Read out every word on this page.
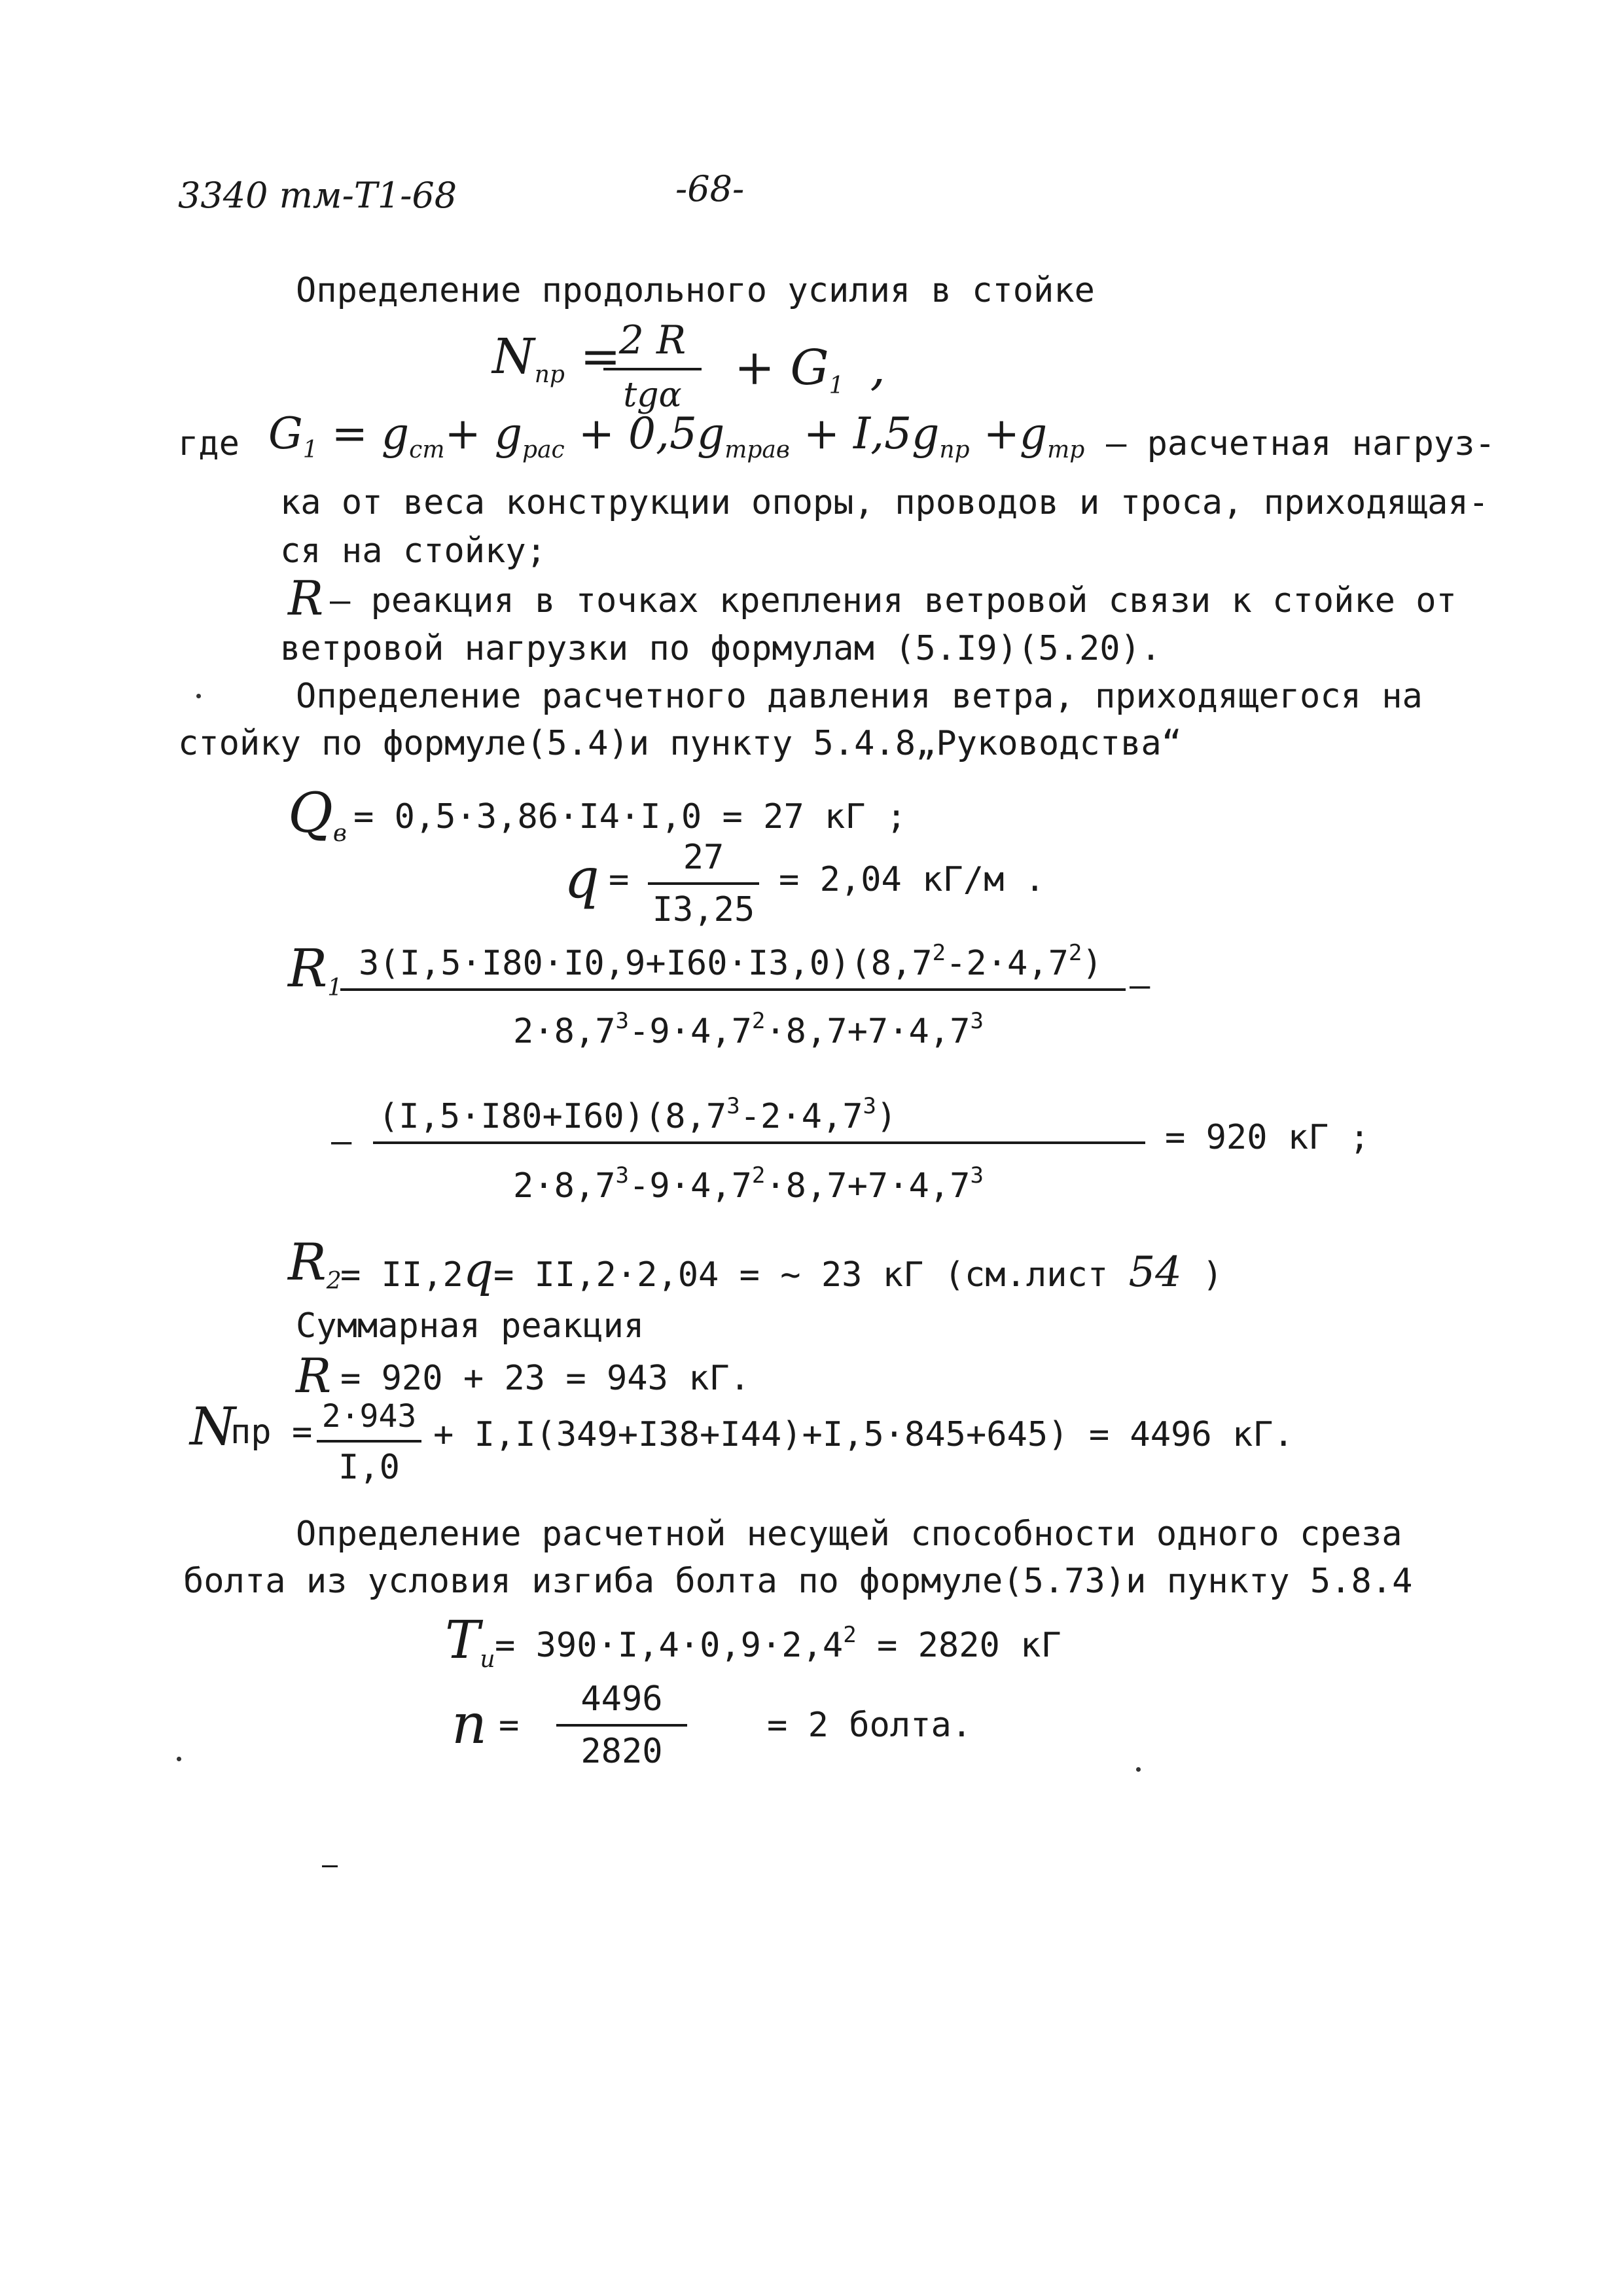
3340 тм-Т1-68	-68-
Определение продольного усилия в стойке
Nпр =
2 R
tgα	+ G1 ,
где $G_1 = g_{ст}+ g_{рас} + 0,5g_{трав} + I,5g_{пр} +g_{тр}$ – расчетная нагруз-
ка от веса конструкции опоры, проводов и троса, приходящая-
ся на стойку;
R – реакция в точках крепления ветровой связи к стойке от
ветровой нагрузки по формулам (5.I9)(5.20).
Определение расчетного давления ветра, приходящегося на
стойку по формуле(5.4)и пункту 5.4.8„Руководства“
Qв = 0,5·3,86·I4·I,0 = 27 кГ ;
q =
27
I3,25
= 2,04 кГ/м .
R1
$3(I,5\cdot I80\cdot I0,9+I60\cdot I3,0)(8,7^2-2\cdot 4,7^2)$
–
$2\cdot 8,7^3-9\cdot 4,7^2\cdot 8,7+7\cdot 4,7^3$
–
$(I,5\cdot I80+I60)(8,7^3-2\cdot 4,7^3)$
= 920 кГ ;
$2\cdot 8,7^3-9\cdot 4,7^2\cdot 8,7+7\cdot 4,7^3$
R2
= II,2q= II,2·2,04 = ~ 23 кГ (см.лист 54 )
Суммарная реакция
R = 920 + 23 = 943 кГ.
N
пр = 2·943
I,0
+ I,I(349+I38+I44)+I,5·845+645) = 4496 кГ.
Определение расчетной несущей способности одного среза
болта из условия изгиба болта по формуле(5.73)и пункту 5.8.4
Tи = $390\cdot I,4\cdot 0,9\cdot 2,4^2 = 2820$ кГ
n =
4496
2820
= 2 болта.
